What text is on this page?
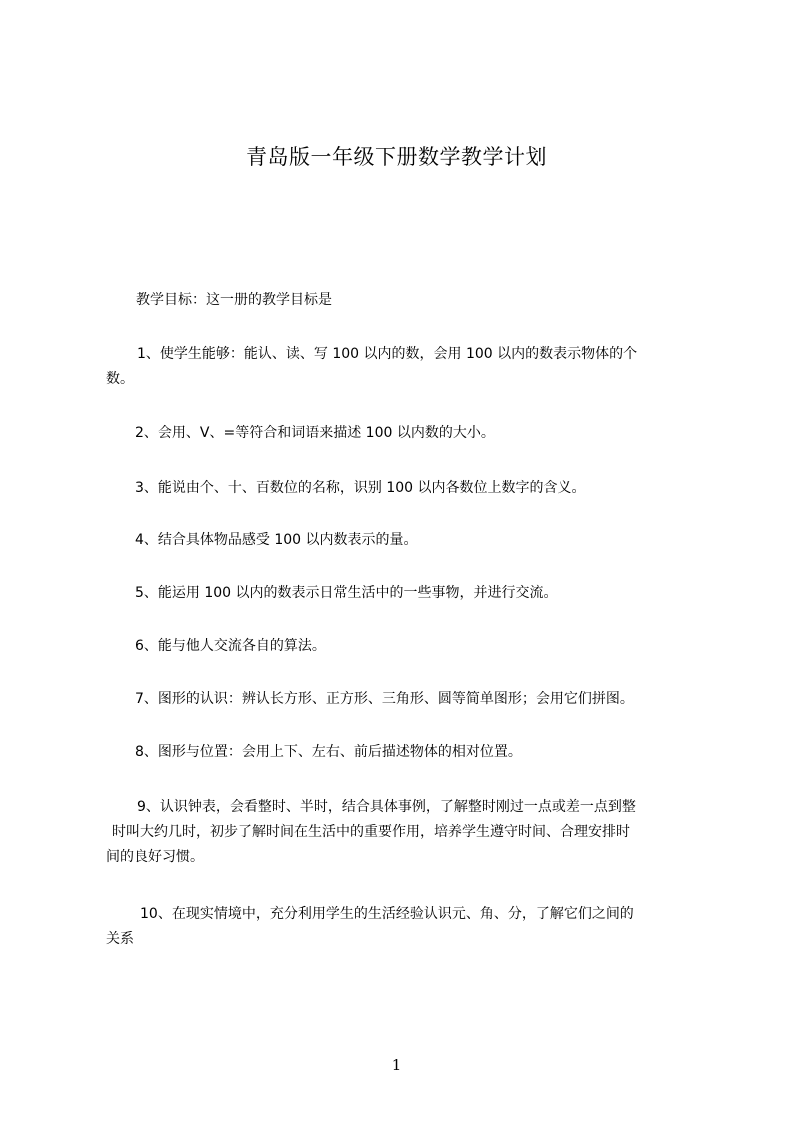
青岛版一年级下册数学教学计划
教学目标：这一册的教学目标是
1、使学生能够：能认、读、写 100 以内的数，会用 100 以内的数表示物体的个
数。
2、会用、V、=等符合和词语来描述 100 以内数的大小。
3、能说由个、十、百数位的名称，识别 100 以内各数位上数字的含义。
4、结合具体物品感受 100 以内数表示的量。
5、能运用 100 以内的数表示日常生活中的一些事物，并进行交流。
6、能与他人交流各自的算法。
7、图形的认识：辨认长方形、正方形、三角形、圆等简单图形；会用它们拼图。
8、图形与位置：会用上下、左右、前后描述物体的相对位置。
9、认识钟表，会看整时、半时，结合具体事例，了解整时刚过一点或差一点到整
时叫大约几时，初步了解时间在生活中的重要作用，培养学生遵守时间、合理安排时
间的良好习惯。
10、在现实情境中，充分利用学生的生活经验认识元、角、分，了解它们之间的
关系
1
